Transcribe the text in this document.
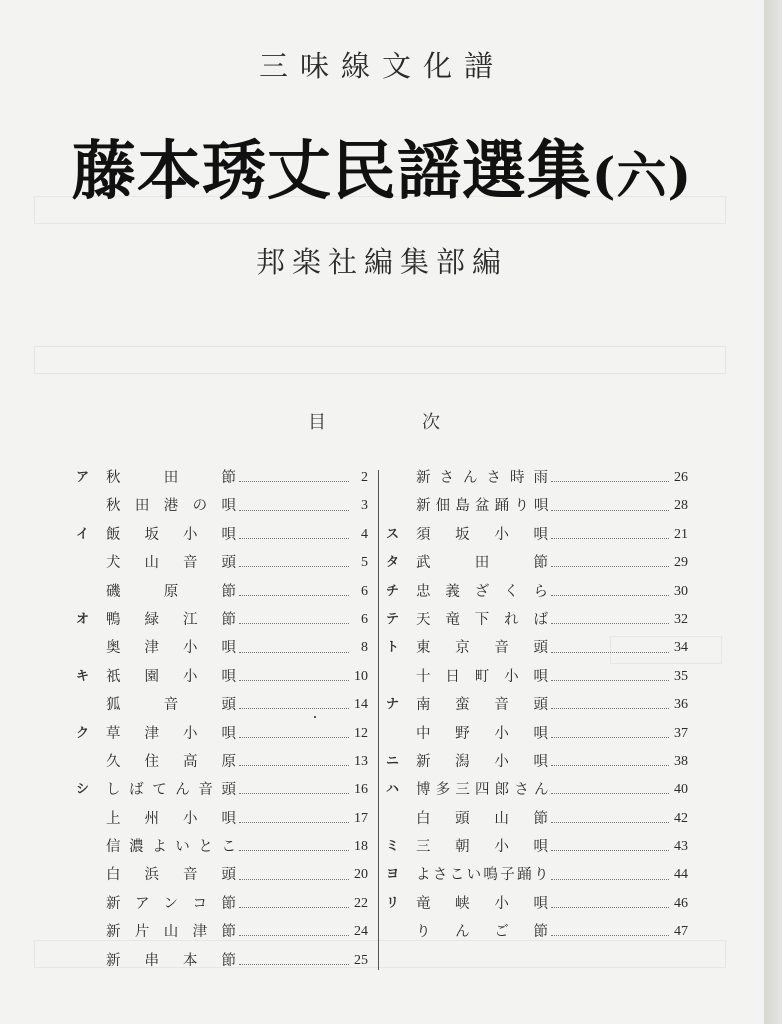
三味線文化譜
藤本琇丈民謡選集(六)
邦楽社編集部編
目	次
ア	秋　田　節	2
秋田港の唄	3
イ	飯坂小唄	4
犬山音頭	5
磯　原　節	6
オ	鴨緑江節	6
奥津小唄	8
キ	祇園小唄	10
狐　音　頭	14
ク	草津小唄	12
久住高原	13
シ	しばてん音頭	16
上州小唄	17
信濃よいとこ	18
白浜音頭	20
新アンコ節	22
新片山津節	24
新串本節	25
新さんさ時雨	26
新佃島盆踊り唄	28
ス	須坂小唄	21
タ	武　田　節	29
チ	忠義ざくら	30
テ	天竜下れば	32
ト	東京音頭	34
十日町小唄	35
ナ	南蛮音頭	36
中野小唄	37
ニ	新潟小唄	38
ハ	博多三四郎さん	40
白頭山節	42
ミ	三朝小唄	43
ヨ	よさこい鳴子踊り	44
リ	竜峡小唄	46
りんご節	47
